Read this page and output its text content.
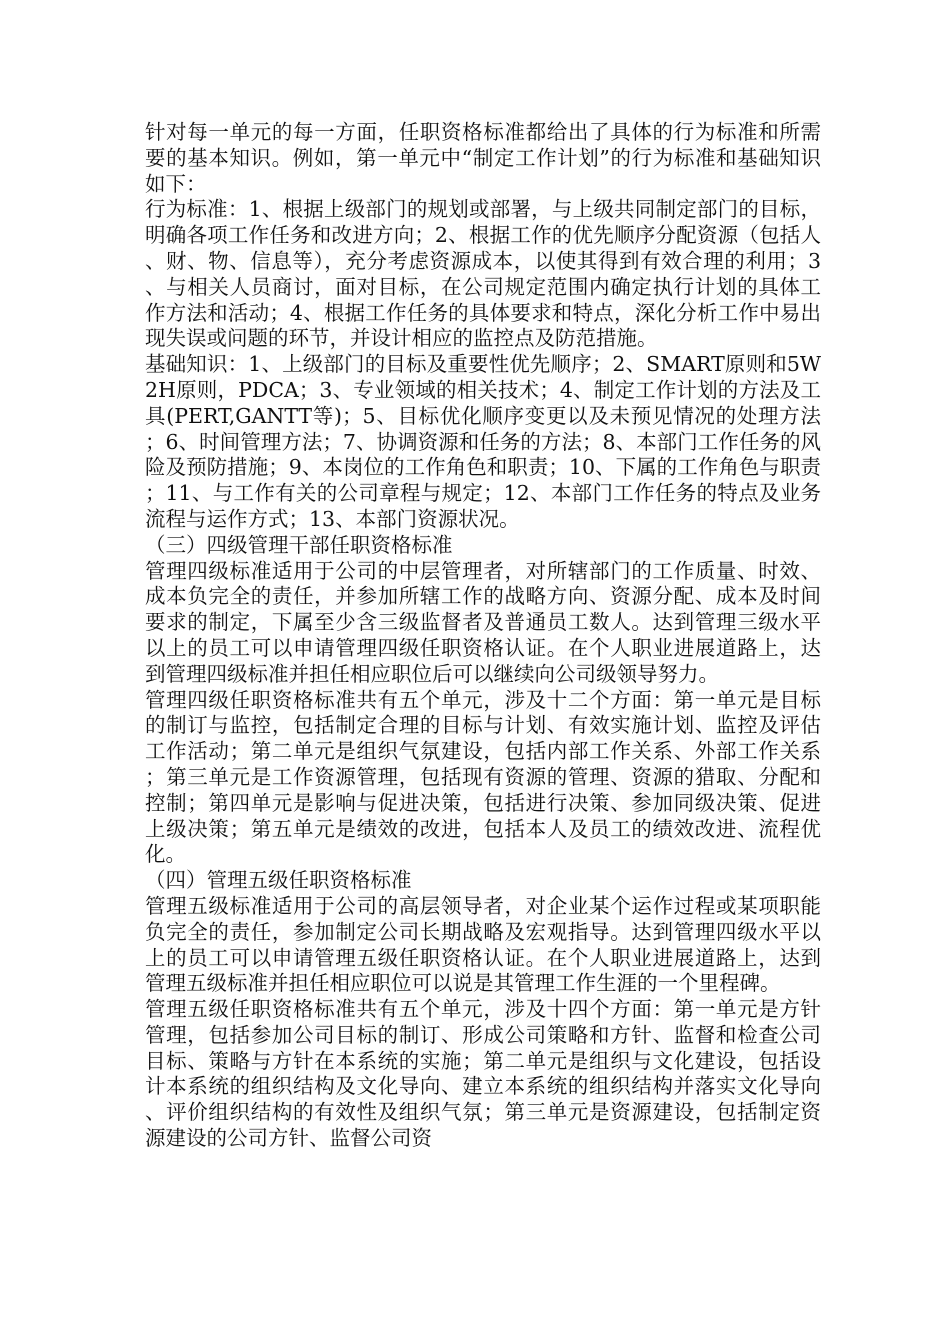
针对每一单元的每一方面，任职资格标准都给出了具体的行为标准和所需要的基本知识。例如，第一单元中“制定工作计划”的行为标准和基础知识如下：

行为标准：1、根据上级部门的规划或部署，与上级共同制定部门的目标，明确各项工作任务和改进方向；2、根据工作的优先顺序分配资源（包括人、财、物、信息等），充分考虑资源成本，以使其得到有效合理的利用；3、与相关人员商讨，面对目标，在公司规定范围内确定执行计划的具体工作方法和活动；4、根据工作任务的具体要求和特点，深化分析工作中易出现失误或问题的环节，并设计相应的监控点及防范措施。

基础知识：1、上级部门的目标及重要性优先顺序；2、SMART原则和5W2H原则，PDCA；3、专业领域的相关技术；4、制定工作计划的方法及工具(PERT,GANTT等)；5、目标优化顺序变更以及未预见情况的处理方法；6、时间管理方法；7、协调资源和任务的方法；8、本部门工作任务的风险及预防措施；9、本岗位的工作角色和职责；10、下属的工作角色与职责；11、与工作有关的公司章程与规定；12、本部门工作任务的特点及业务流程与运作方式；13、本部门资源状况。

（三）四级管理干部任职资格标准

管理四级标准适用于公司的中层管理者，对所辖部门的工作质量、时效、成本负完全的责任，并参加所辖工作的战略方向、资源分配、成本及时间要求的制定，下属至少含三级监督者及普通员工数人。达到管理三级水平以上的员工可以申请管理四级任职资格认证。在个人职业进展道路上，达到管理四级标准并担任相应职位后可以继续向公司级领导努力。

管理四级任职资格标准共有五个单元，涉及十二个方面：第一单元是目标的制订与监控，包括制定合理的目标与计划、有效实施计划、监控及评估工作活动；第二单元是组织气氛建设，包括内部工作关系、外部工作关系；第三单元是工作资源管理，包括现有资源的管理、资源的猎取、分配和控制；第四单元是影响与促进决策，包括进行决策、参加同级决策、促进上级决策；第五单元是绩效的改进，包括本人及员工的绩效改进、流程优化。

（四）管理五级任职资格标准

管理五级标准适用于公司的高层领导者，对企业某个运作过程或某项职能负完全的责任，参加制定公司长期战略及宏观指导。达到管理四级水平以上的员工可以申请管理五级任职资格认证。在个人职业进展道路上，达到管理五级标准并担任相应职位可以说是其管理工作生涯的一个里程碑。

管理五级任职资格标准共有五个单元，涉及十四个方面：第一单元是方针管理，包括参加公司目标的制订、形成公司策略和方针、监督和检查公司目标、策略与方针在本系统的实施；第二单元是组织与文化建设，包括设计本系统的组织结构及文化导向、建立本系统的组织结构并落实文化导向、评价组织结构的有效性及组织气氛；第三单元是资源建设，包括制定资源建设的公司方针、监督公司资
